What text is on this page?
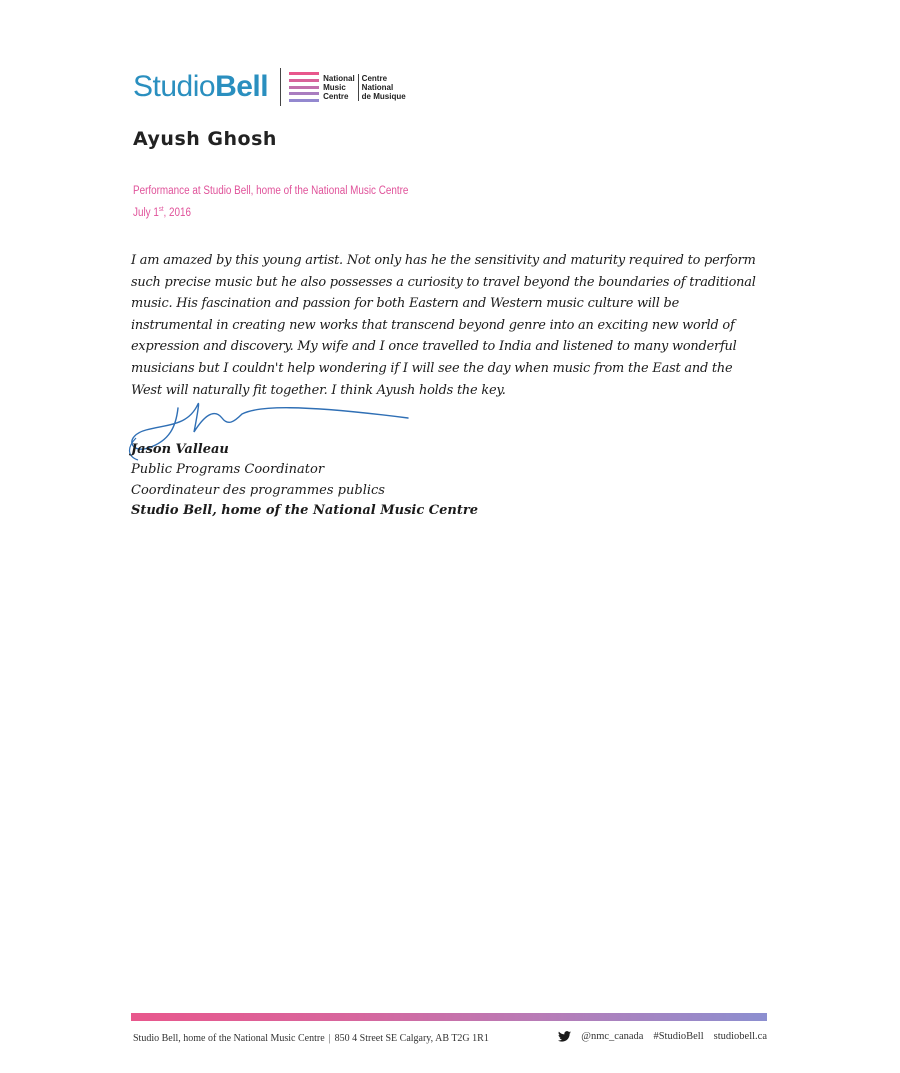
StudioBell	National
Music
Centre
Centre
National
de Musique
Ayush Ghosh
Performance at Studio Bell, home of the National Music Centre
July 1st, 2016
I am amazed by this young artist. Not only has he the sensitivity and maturity required to perform such precise music but he also possesses a curiosity to travel beyond the boundaries of traditional music. His fascination and passion for both Eastern and Western music culture will be instrumental in creating new works that transcend beyond genre into an exciting new world of expression and discovery. My wife and I once travelled to India and listened to many wonderful musicians but I couldn't help wondering if I will see the day when music from the East and the West will naturally fit together. I think Ayush holds the key.
Jason Valleau
Public Programs Coordinator
Coordinateur des programmes publics
Studio Bell, home of the National Music Centre
Studio Bell, home of the National Music Centre | 850 4 Street SE Calgary, AB T2G 1R1	@nmc_canada #StudioBell studiobell.ca
